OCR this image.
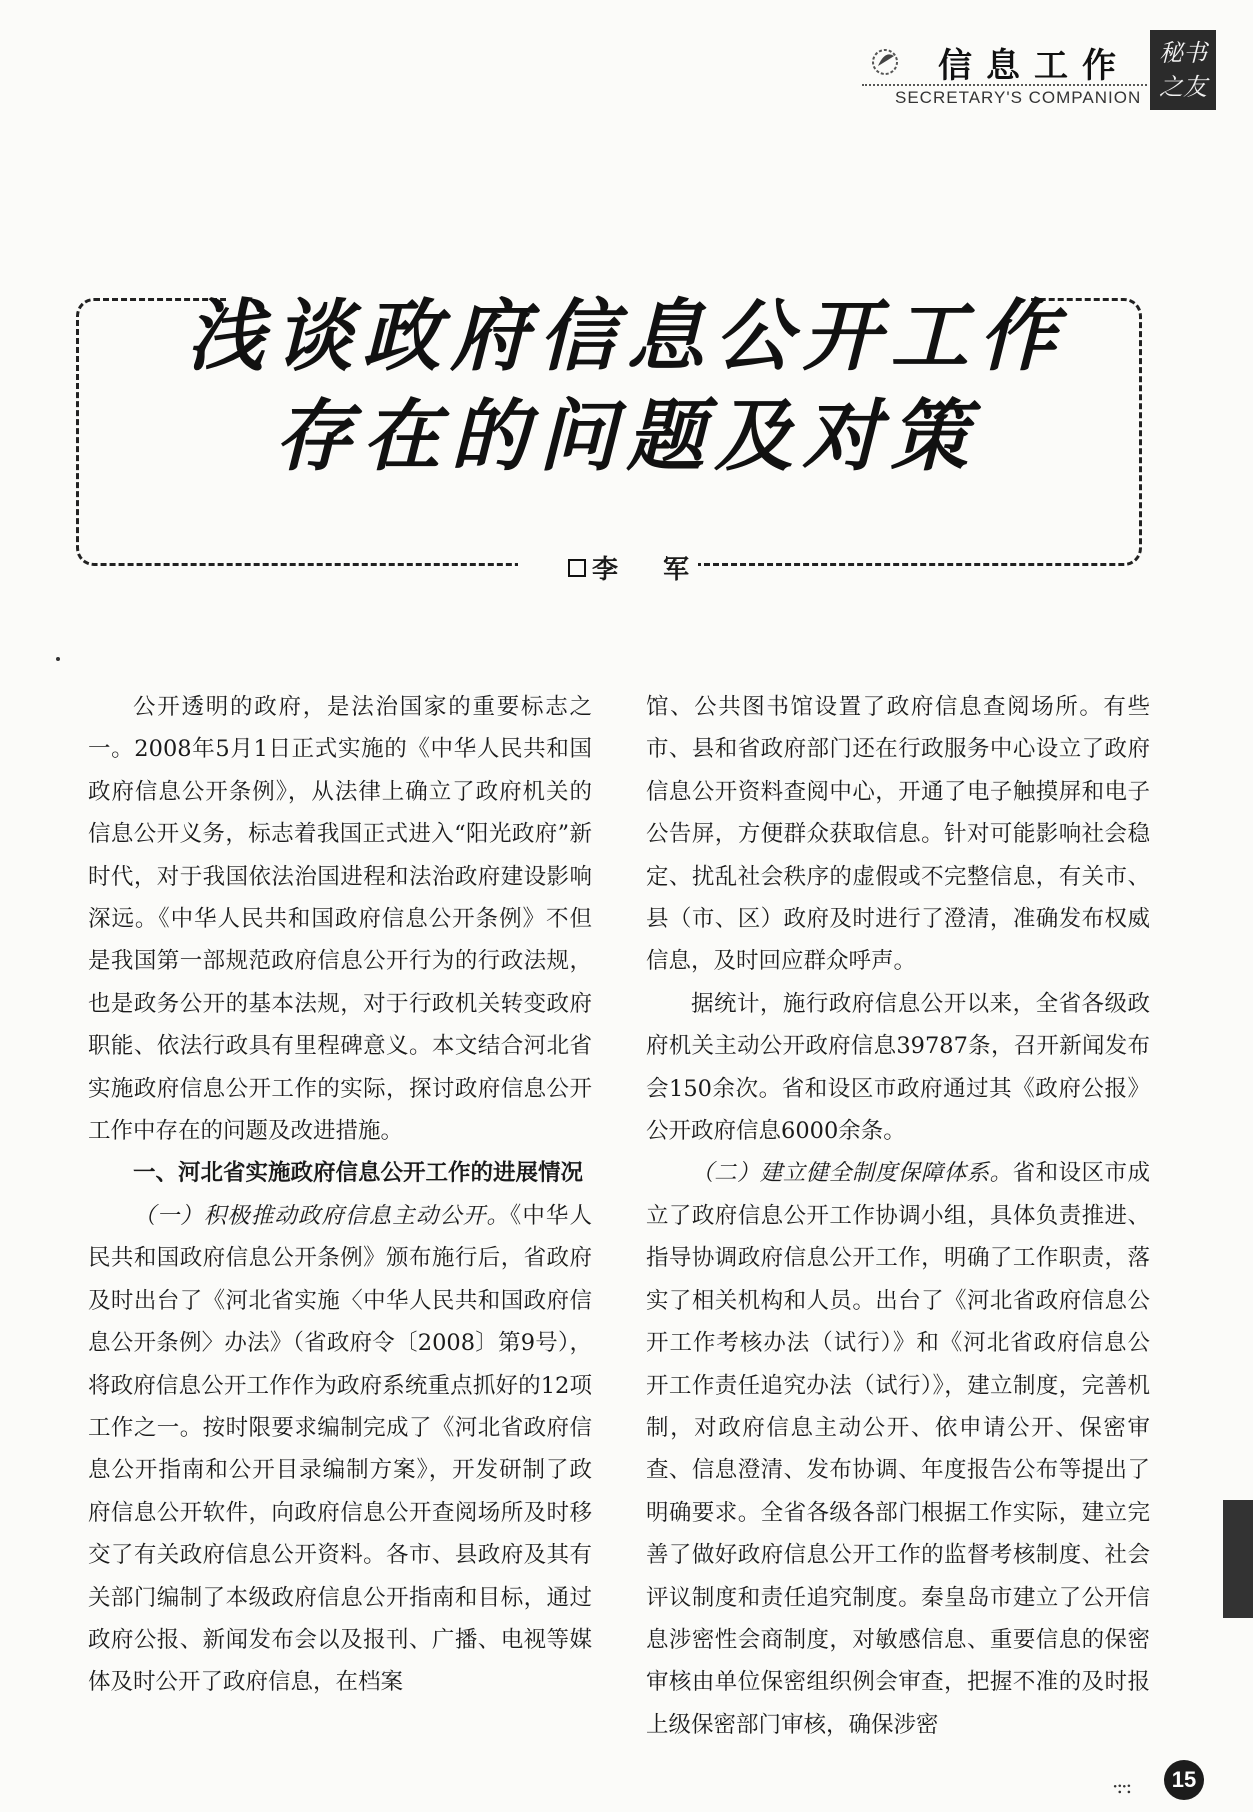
信息工作
SECRETARY'S COMPANION
秘书
之友
浅谈政府信息公开工作
存在的问题及对策
李 军

公开透明的政府，是法治国家的重要标志之一。2008年5月1日正式实施的《中华人民共和国政府信息公开条例》，从法律上确立了政府机关的信息公开义务，标志着我国正式进入“阳光政府”新时代，对于我国依法治国进程和法治政府建设影响深远。《中华人民共和国政府信息公开条例》不但是我国第一部规范政府信息公开行为的行政法规，也是政务公开的基本法规，对于行政机关转变政府职能、依法行政具有里程碑意义。本文结合河北省实施政府信息公开工作的实际，探讨政府信息公开工作中存在的问题及改进措施。

一、河北省实施政府信息公开工作的进展情况

（一）积极推动政府信息主动公开。《中华人民共和国政府信息公开条例》颁布施行后，省政府及时出台了《河北省实施〈中华人民共和国政府信息公开条例〉办法》（省政府令〔2008〕第9号），将政府信息公开工作作为政府系统重点抓好的12项工作之一。按时限要求编制完成了《河北省政府信息公开指南和公开目录编制方案》，开发研制了政府信息公开软件，向政府信息公开查阅场所及时移交了有关政府信息公开资料。各市、县政府及其有关部门编制了本级政府信息公开指南和目标，通过政府公报、新闻发布会以及报刊、广播、电视等媒体及时公开了政府信息，在档案

馆、公共图书馆设置了政府信息查阅场所。有些市、县和省政府部门还在行政服务中心设立了政府信息公开资料查阅中心，开通了电子触摸屏和电子公告屏，方便群众获取信息。针对可能影响社会稳定、扰乱社会秩序的虚假或不完整信息，有关市、县（市、区）政府及时进行了澄清，准确发布权威信息，及时回应群众呼声。

据统计，施行政府信息公开以来，全省各级政府机关主动公开政府信息39787条，召开新闻发布会150余次。省和设区市政府通过其《政府公报》公开政府信息6000余条。

（二）建立健全制度保障体系。省和设区市成立了政府信息公开工作协调小组，具体负责推进、指导协调政府信息公开工作，明确了工作职责，落实了相关机构和人员。出台了《河北省政府信息公开工作考核办法（试行）》和《河北省政府信息公开工作责任追究办法（试行）》，建立制度，完善机制，对政府信息主动公开、依申请公开、保密审查、信息澄清、发布协调、年度报告公布等提出了明确要求。全省各级各部门根据工作实际，建立完善了做好政府信息公开工作的监督考核制度、社会评议制度和责任追究制度。秦皇岛市建立了公开信息涉密性会商制度，对敏感信息、重要信息的保密审核由单位保密组织例会审查，把握不准的及时报上级保密部门审核，确保涉密

·:·:	15
